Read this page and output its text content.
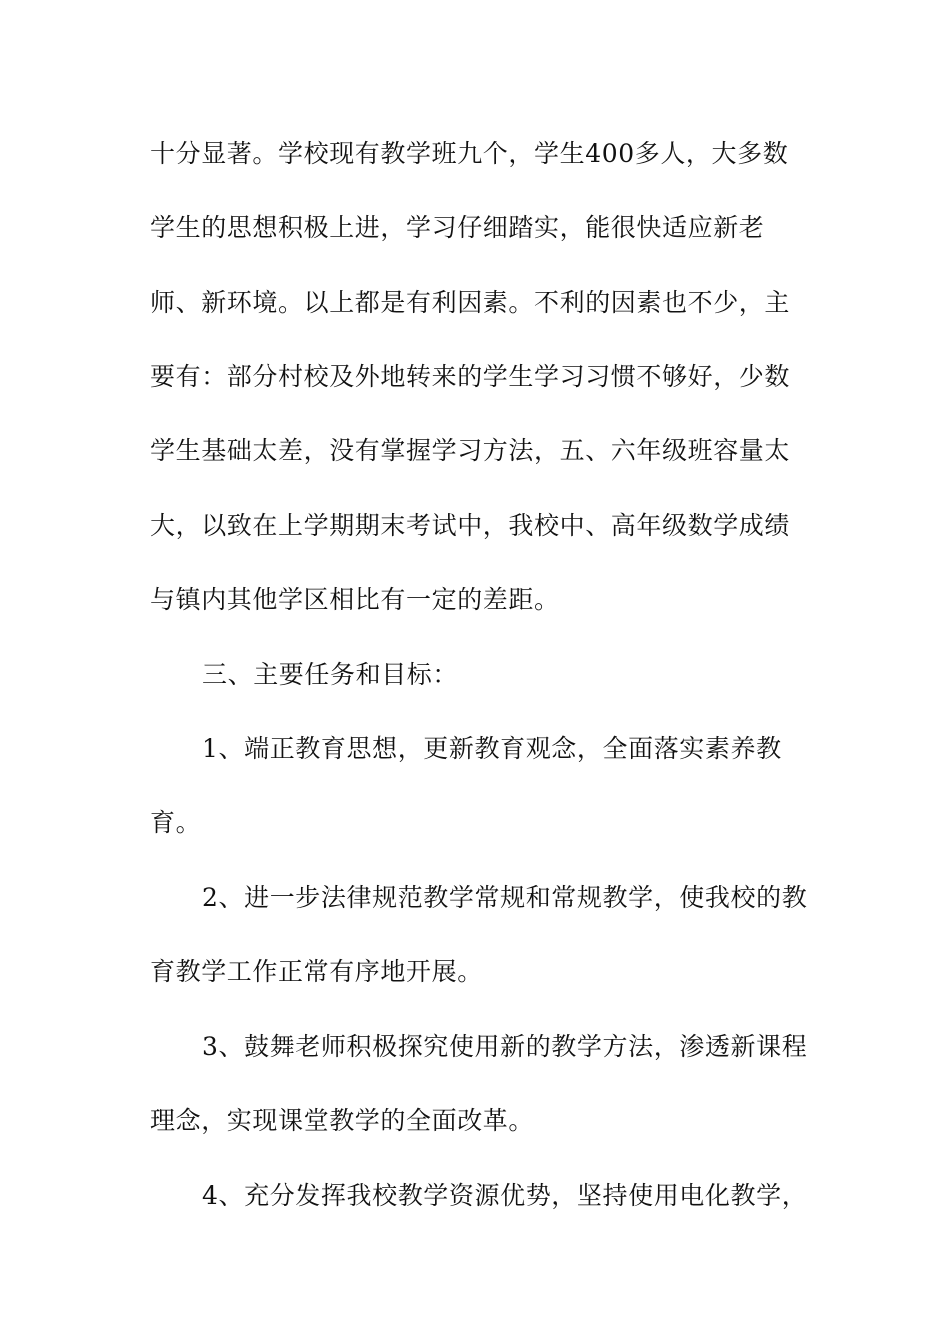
十分显著。学校现有教学班九个，学生400多人，大多数
学生的思想积极上进，学习仔细踏实，能很快适应新老
师、新环境。以上都是有利因素。不利的因素也不少，主
要有：部分村校及外地转来的学生学习习惯不够好，少数
学生基础太差，没有掌握学习方法，五、六年级班容量太
大，以致在上学期期末考试中，我校中、高年级数学成绩
与镇内其他学区相比有一定的差距。
三、主要任务和目标：
1、端正教育思想，更新教育观念，全面落实素养教
育。
2、进一步法律规范教学常规和常规教学，使我校的教
育教学工作正常有序地开展。
3、鼓舞老师积极探究使用新的教学方法，渗透新课程
理念，实现课堂教学的全面改革。
4、充分发挥我校教学资源优势，坚持使用电化教学，
